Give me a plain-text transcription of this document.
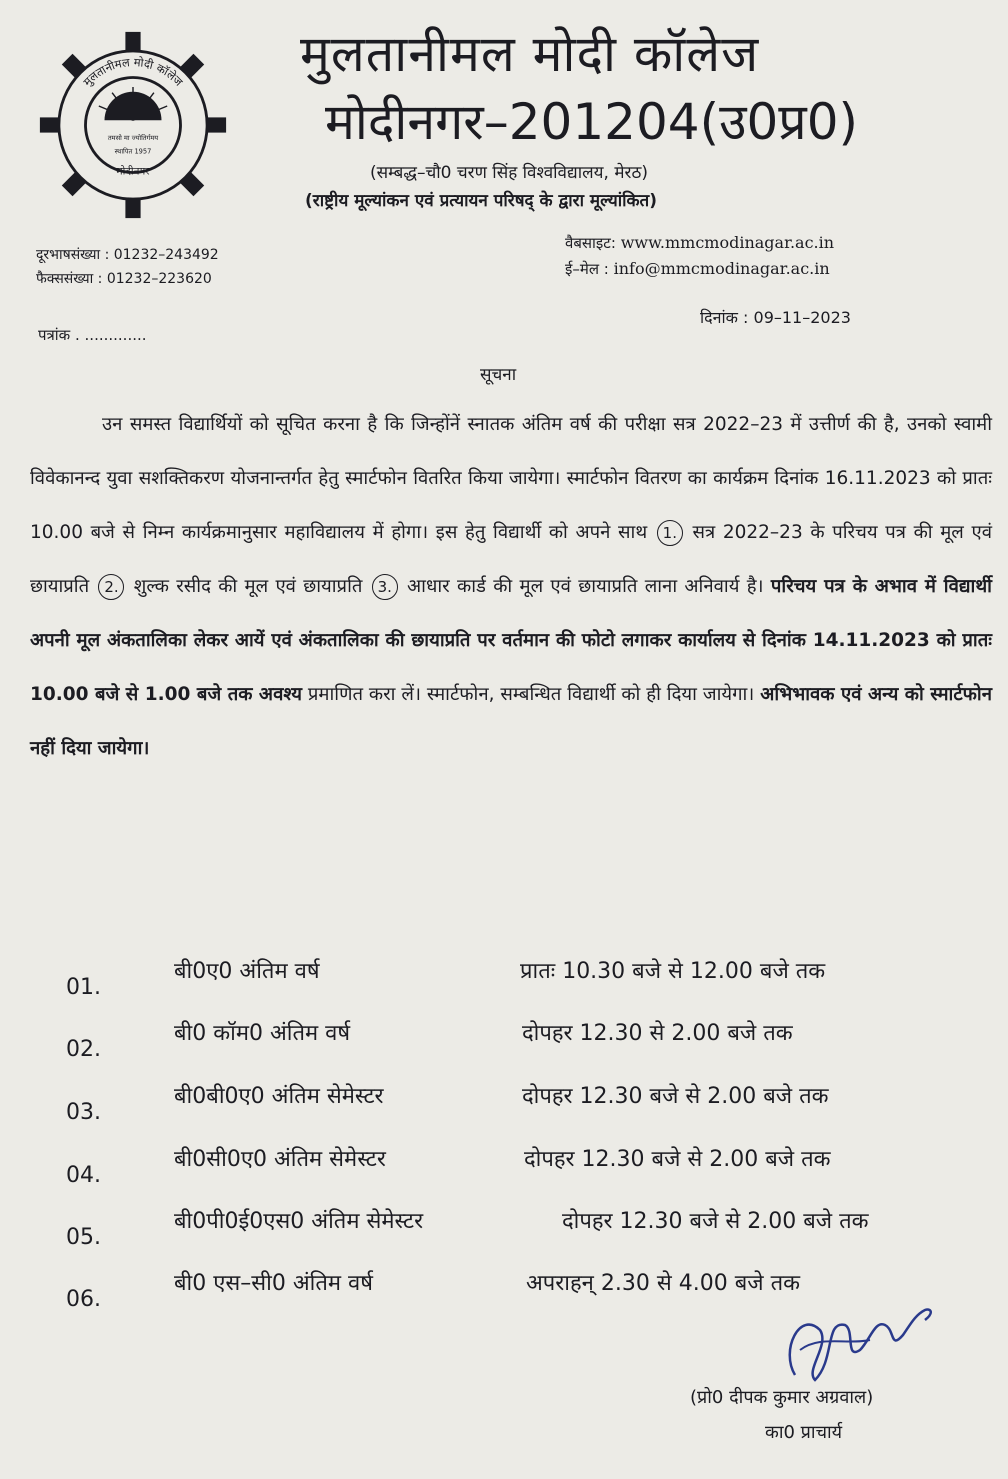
मुलतानीमल मोदी कॉलेज
तमसो मा ज्योतिर्गमय
स्थापित 1957
मोदीनगर
मुलतानीमल मोदी कॉलेज
मोदीनगर–201204(उ0प्र0)
(सम्बद्ध–चौ0 चरण सिंह विश्वविद्यालय, मेरठ)
(राष्ट्रीय मूल्यांकन एवं प्रत्यायन परिषद् के द्वारा मूल्यांकित)
दूरभाषसंख्या : 01232–243492
फैक्ससंख्या : 01232–223620
वैबसाइट: www.mmcmodinagar.ac.in
ई–मेल : info@mmcmodinagar.ac.in
पत्रांक . .............
दिनांक : 09–11–2023
सूचना
उन समस्त विद्यार्थियों को सूचित करना है कि जिन्होंनें स्नातक अंतिम वर्ष की परीक्षा सत्र 2022–23 में उत्तीर्ण की है, उनको स्वामी विवेकानन्द युवा सशक्तिकरण योजनान्तर्गत हेतु स्मार्टफोन वितरित किया जायेगा। स्मार्टफोन वितरण का कार्यक्रम दिनांक 16.11.2023 को प्रातः 10.00 बजे से निम्न कार्यक्रमानुसार महाविद्यालय में होगा। इस हेतु विद्यार्थी को अपने साथ 1. सत्र 2022–23 के परिचय पत्र की मूल एवं छायाप्रति 2. शुल्क रसीद की मूल एवं छायाप्रति 3. आधार कार्ड की मूल एवं छायाप्रति लाना अनिवार्य है। परिचय पत्र के अभाव में विद्यार्थी अपनी मूल अंकतालिका लेकर आयें एवं अंकतालिका की छायाप्रति पर वर्तमान की फोटो लगाकर कार्यालय से दिनांक 14.11.2023 को प्रातः 10.00 बजे से 1.00 बजे तक अवश्य प्रमाणित करा लें। स्मार्टफोन, सम्बन्धित विद्यार्थी को ही दिया जायेगा। अभिभावक एवं अन्य को स्मार्टफोन नहीं दिया जायेगा।
01.
बी0ए0 अंतिम वर्ष	प्रातः 10.30 बजे से 12.00 बजे तक
02.
बी0 कॉम0 अंतिम वर्ष	दोपहर 12.30 से 2.00 बजे तक
03.
बी0बी0ए0 अंतिम सेमेस्टर	दोपहर 12.30 बजे से 2.00 बजे तक
04.
बी0सी0ए0 अंतिम सेमेस्टर	दोपहर 12.30 बजे से 2.00 बजे तक
05.
बी0पी0ई0एस0 अंतिम सेमेस्टर	दोपहर 12.30 बजे से 2.00 बजे तक
06.
बी0 एस–सी0 अंतिम वर्ष	अपराहन् 2.30 से 4.00 बजे तक
(प्रो0 दीपक कुमार अग्रवाल)
का0 प्राचार्य
